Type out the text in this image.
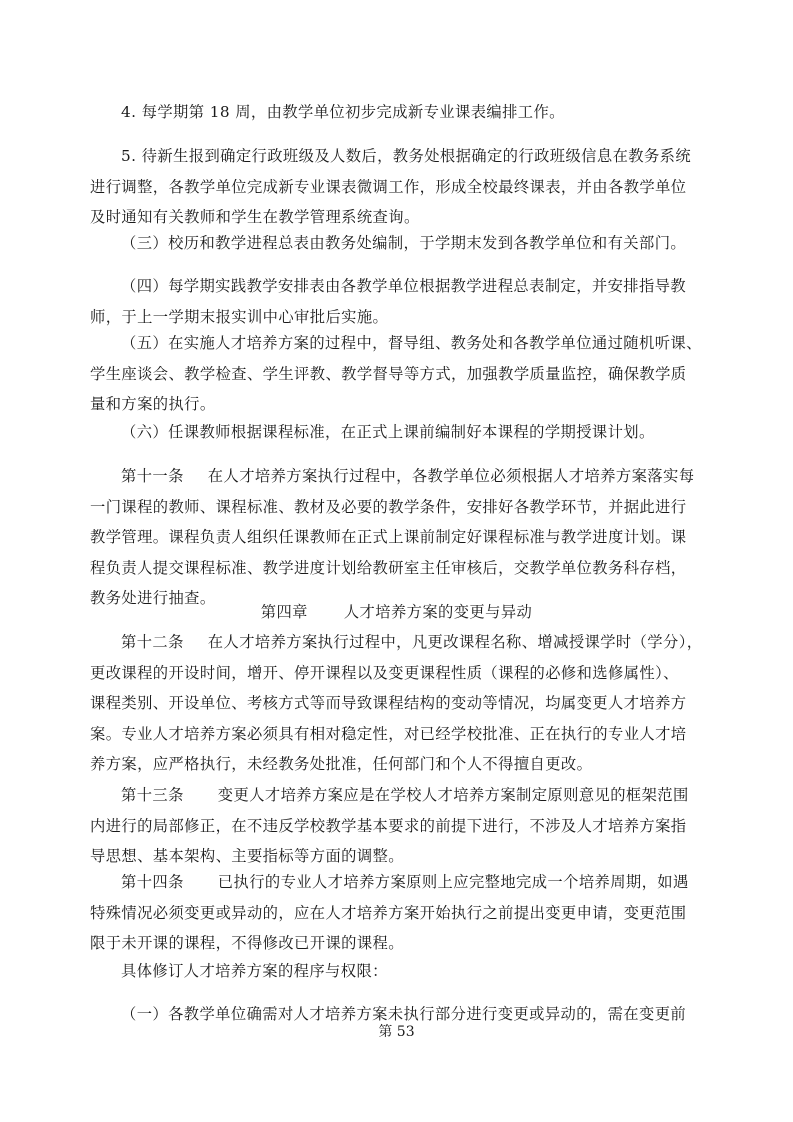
4. 每学期第 18 周，由教学单位初步完成新专业课表编排工作。

5. 待新生报到确定行政班级及人数后，教务处根据确定的行政班级信息在教务系统
进行调整，各教学单位完成新专业课表微调工作，形成全校最终课表，并由各教学单位
及时通知有关教师和学生在教学管理系统查询。

（三）校历和教学进程总表由教务处编制，于学期末发到各教学单位和有关部门。

（四）每学期实践教学安排表由各教学单位根据教学进程总表制定，并安排指导教
师，于上一学期末报实训中心审批后实施。

（五）在实施人才培养方案的过程中，督导组、教务处和各教学单位通过随机听课、
学生座谈会、教学检查、学生评教、教学督导等方式，加强教学质量监控，确保教学质
量和方案的执行。

（六）任课教师根据课程标准，在正式上课前编制好本课程的学期授课计划。

第十一条 在人才培养方案执行过程中，各教学单位必须根据人才培养方案落实每
一门课程的教师、课程标准、教材及必要的教学条件，安排好各教学环节，并据此进行
教学管理。课程负责人组织任课教师在正式上课前制定好课程标准与教学进度计划。课
程负责人提交课程标准、教学进度计划给教研室主任审核后，交教学单位教务科存档，
教务处进行抽查。

第四章 人才培养方案的变更与异动

第十二条 在人才培养方案执行过程中，凡更改课程名称、增减授课学时（学分），
更改课程的开设时间，增开、停开课程以及变更课程性质（课程的必修和选修属性）、
课程类别、开设单位、考核方式等而导致课程结构的变动等情况，均属变更人才培养方
案。专业人才培养方案必须具有相对稳定性，对已经学校批准、正在执行的专业人才培
养方案，应严格执行，未经教务处批准，任何部门和个人不得擅自更改。

第十三条 变更人才培养方案应是在学校人才培养方案制定原则意见的框架范围
内进行的局部修正，在不违反学校教学基本要求的前提下进行，不涉及人才培养方案指
导思想、基本架构、主要指标等方面的调整。

第十四条 已执行的专业人才培养方案原则上应完整地完成一个培养周期，如遇
特殊情况必须变更或异动的，应在人才培养方案开始执行之前提出变更申请，变更范围
限于未开课的课程，不得修改已开课的课程。

具体修订人才培养方案的程序与权限：

（一）各教学单位确需对人才培养方案未执行部分进行变更或异动的，需在变更前

第 53
